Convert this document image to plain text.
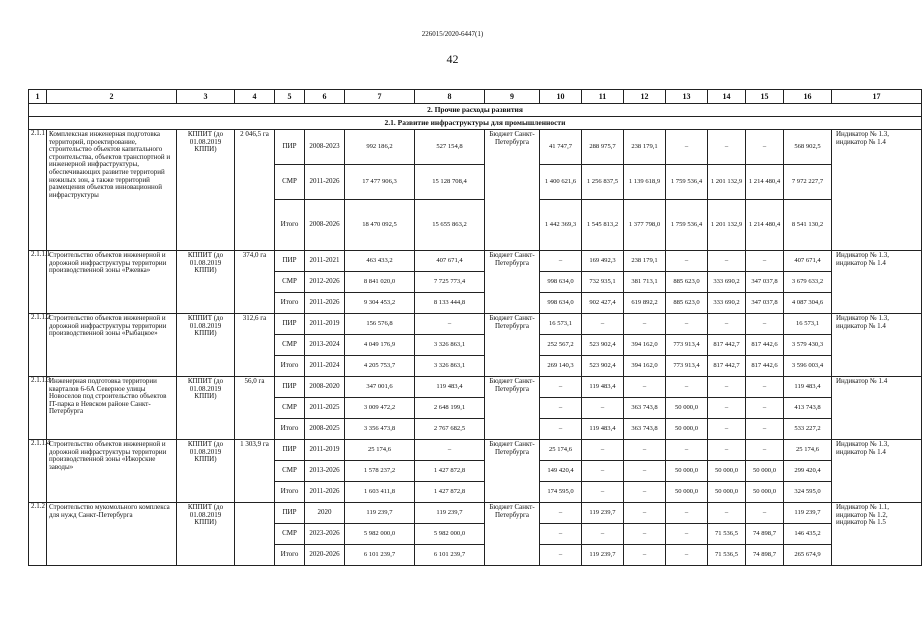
226015/2020-6447(1)
42
1	2	3	4	5	6	7	8	9	10	11	12	13	14	15	16	17
2. Прочие расходы развития																
2.1. Развитие инфраструктуры для промышленности																
2.1.1	Комплексная инженерная подготовка территорий, проектирование, строительство объектов капитального строительства, объектов транспортной и инженерной инфраструктуры, обеспечивающих развитие территорий нежилых зон, а также территорий размещения объектов инновационной инфраструктуры	КППИТ (до 01.08.2019 КППИ)	2 046,5 га	ПИР	2008-2023	992 186,2	527 154,8	Бюджет Санкт-Петербурга	41 747,7	288 975,7	238 179,1	–	–	–	568 902,5	Индикатор № 1.3, индикатор № 1.4
				СМР	2011-2026	17 477 906,3	15 128 708,4		1 400 621,6	1 256 837,5	1 139 618,9	1 759 536,4	1 201 132,9	1 214 480,4	7 972 227,7	
				Итого	2008-2026	18 470 092,5	15 655 863,2		1 442 369,3	1 545 813,2	1 377 798,0	1 759 536,4	1 201 132,9	1 214 480,4	8 541 130,2	
2.1.1.1	Строительство объектов инженерной и дорожной инфраструктуры территории производственной зоны «Ржевка»	КППИТ (до 01.08.2019 КППИ)	374,0 га	ПИР	2011-2021	463 433,2	407 671,4	Бюджет Санкт-Петербурга	–	169 492,3	238 179,1	–	–	–	407 671,4	Индикатор № 1.3, индикатор № 1.4
				СМР	2012-2026	8 841 020,0	7 725 773,4		998 634,0	732 935,1	381 713,1	885 623,0	333 690,2	347 037,8	3 679 633,2	
				Итого	2011-2026	9 304 453,2	8 133 444,8		998 634,0	902 427,4	619 892,2	885 623,0	333 690,2	347 037,8	4 087 304,6	
2.1.1.2	Строительство объектов инженерной и дорожной инфраструктуры территории производственной зоны «Рыбацкое»	КППИТ (до 01.08.2019 КППИ)	312,6 га	ПИР	2011-2019	156 576,8	–	Бюджет Санкт-Петербурга	16 573,1	–	–	–	–	–	16 573,1	Индикатор № 1.3, индикатор № 1.4
				СМР	2013-2024	4 049 176,9	3 326 863,1		252 567,2	523 902,4	394 162,0	773 913,4	817 442,7	817 442,6	3 579 430,3	
				Итого	2011-2024	4 205 753,7	3 326 863,1		269 140,3	523 902,4	394 162,0	773 913,4	817 442,7	817 442,6	3 596 003,4	
2.1.1.3	Инженерная подготовка территории кварталов 6-6А Северное улицы Новоселов под строительство объектов IT-парка в Невском районе Санкт-Петербурга	КППИТ (до 01.08.2019 КППИ)	56,0 га	ПИР	2008-2020	347 001,6	119 483,4	Бюджет Санкт-Петербурга	–	119 483,4	–	–	–	–	119 483,4	Индикатор № 1.4
				СМР	2011-2025	3 009 472,2	2 648 199,1		–	–	363 743,8	50 000,0	–	–	413 743,8	
				Итого	2008-2025	3 356 473,8	2 767 682,5		–	119 483,4	363 743,8	50 000,0	–	–	533 227,2	
2.1.1.4	Строительство объектов инженерной и дорожной инфраструктуры территории производственной зоны «Ижорские заводы»	КППИТ (до 01.08.2019 КППИ)	1 303,9 га	ПИР	2011-2019	25 174,6	–	Бюджет Санкт-Петербурга	25 174,6	–	–	–	–	–	25 174,6	Индикатор № 1.3, индикатор № 1.4
				СМР	2013-2026	1 578 237,2	1 427 872,8		149 420,4	–	–	50 000,0	50 000,0	50 000,0	299 420,4	
				Итого	2011-2026	1 603 411,8	1 427 872,8		174 595,0	–	–	50 000,0	50 000,0	50 000,0	324 595,0	
2.1.2	Строительство мукомольного комплекса для нужд Санкт-Петербурга	КППИТ (до 01.08.2019 КППИ)		ПИР	2020	119 239,7	119 239,7	Бюджет Санкт-Петербурга	–	119 239,7	–	–	–	–	119 239,7	Индикатор № 1.1, индикатор № 1.2, индикатор № 1.5
				СМР	2023-2026	5 982 000,0	5 982 000,0		–	–	–	–	71 536,5	74 898,7	146 435,2	
				Итого	2020-2026	6 101 239,7	6 101 239,7		–	119 239,7	–	–	71 536,5	74 898,7	265 674,9	
